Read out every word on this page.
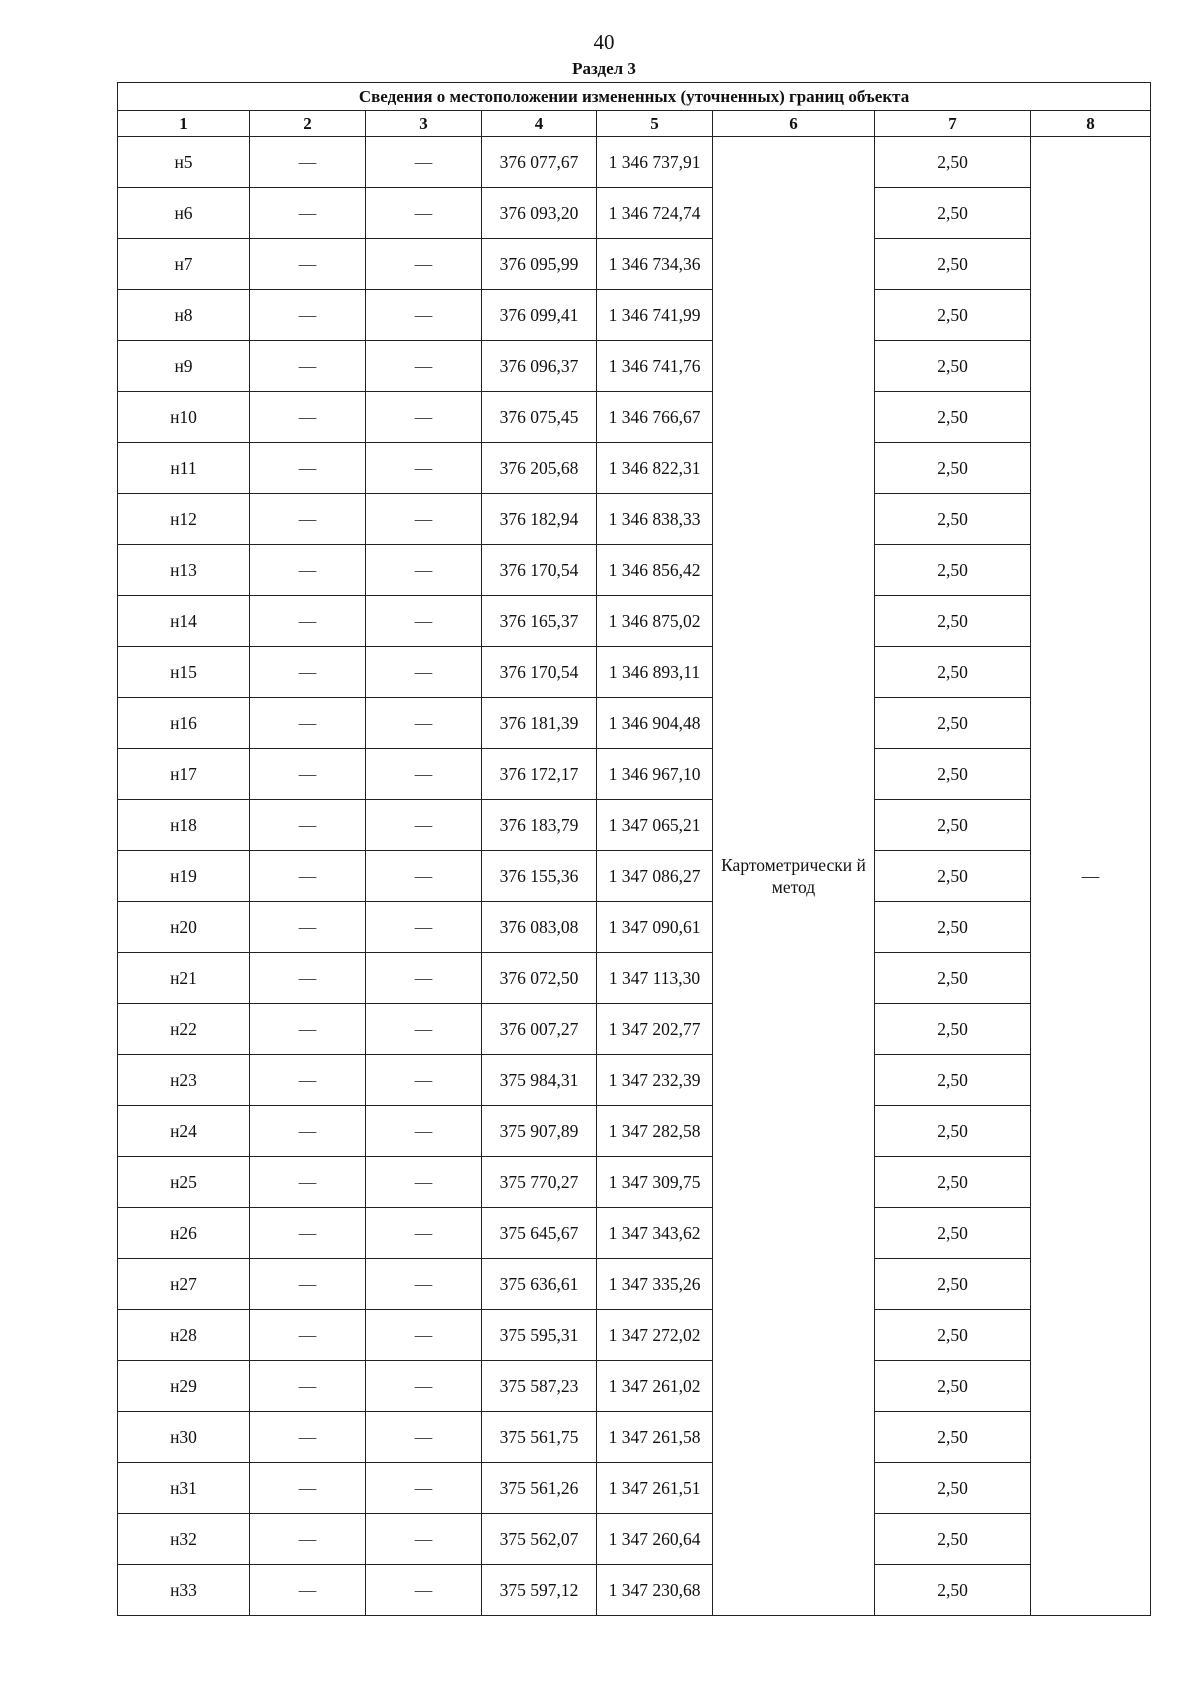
40
Раздел 3
Сведения о местоположении измененных (уточненных) границ объекта							
1	2	3	4	5	6	7	8
н5	—	—	376 077,67	1 346 737,91	Картометрически й метод	2,50	—
н6	—	—	376 093,20	1 346 724,74		2,50	
н7	—	—	376 095,99	1 346 734,36		2,50	
н8	—	—	376 099,41	1 346 741,99		2,50	
н9	—	—	376 096,37	1 346 741,76		2,50	
н10	—	—	376 075,45	1 346 766,67		2,50	
н11	—	—	376 205,68	1 346 822,31		2,50	
н12	—	—	376 182,94	1 346 838,33		2,50	
н13	—	—	376 170,54	1 346 856,42		2,50	
н14	—	—	376 165,37	1 346 875,02		2,50	
н15	—	—	376 170,54	1 346 893,11		2,50	
н16	—	—	376 181,39	1 346 904,48		2,50	
н17	—	—	376 172,17	1 346 967,10		2,50	
н18	—	—	376 183,79	1 347 065,21		2,50	
н19	—	—	376 155,36	1 347 086,27		2,50	
н20	—	—	376 083,08	1 347 090,61		2,50	
н21	—	—	376 072,50	1 347 113,30		2,50	
н22	—	—	376 007,27	1 347 202,77		2,50	
н23	—	—	375 984,31	1 347 232,39		2,50	
н24	—	—	375 907,89	1 347 282,58		2,50	
н25	—	—	375 770,27	1 347 309,75		2,50	
н26	—	—	375 645,67	1 347 343,62		2,50	
н27	—	—	375 636,61	1 347 335,26		2,50	
н28	—	—	375 595,31	1 347 272,02		2,50	
н29	—	—	375 587,23	1 347 261,02		2,50	
н30	—	—	375 561,75	1 347 261,58		2,50	
н31	—	—	375 561,26	1 347 261,51		2,50	
н32	—	—	375 562,07	1 347 260,64		2,50	
н33	—	—	375 597,12	1 347 230,68		2,50	
